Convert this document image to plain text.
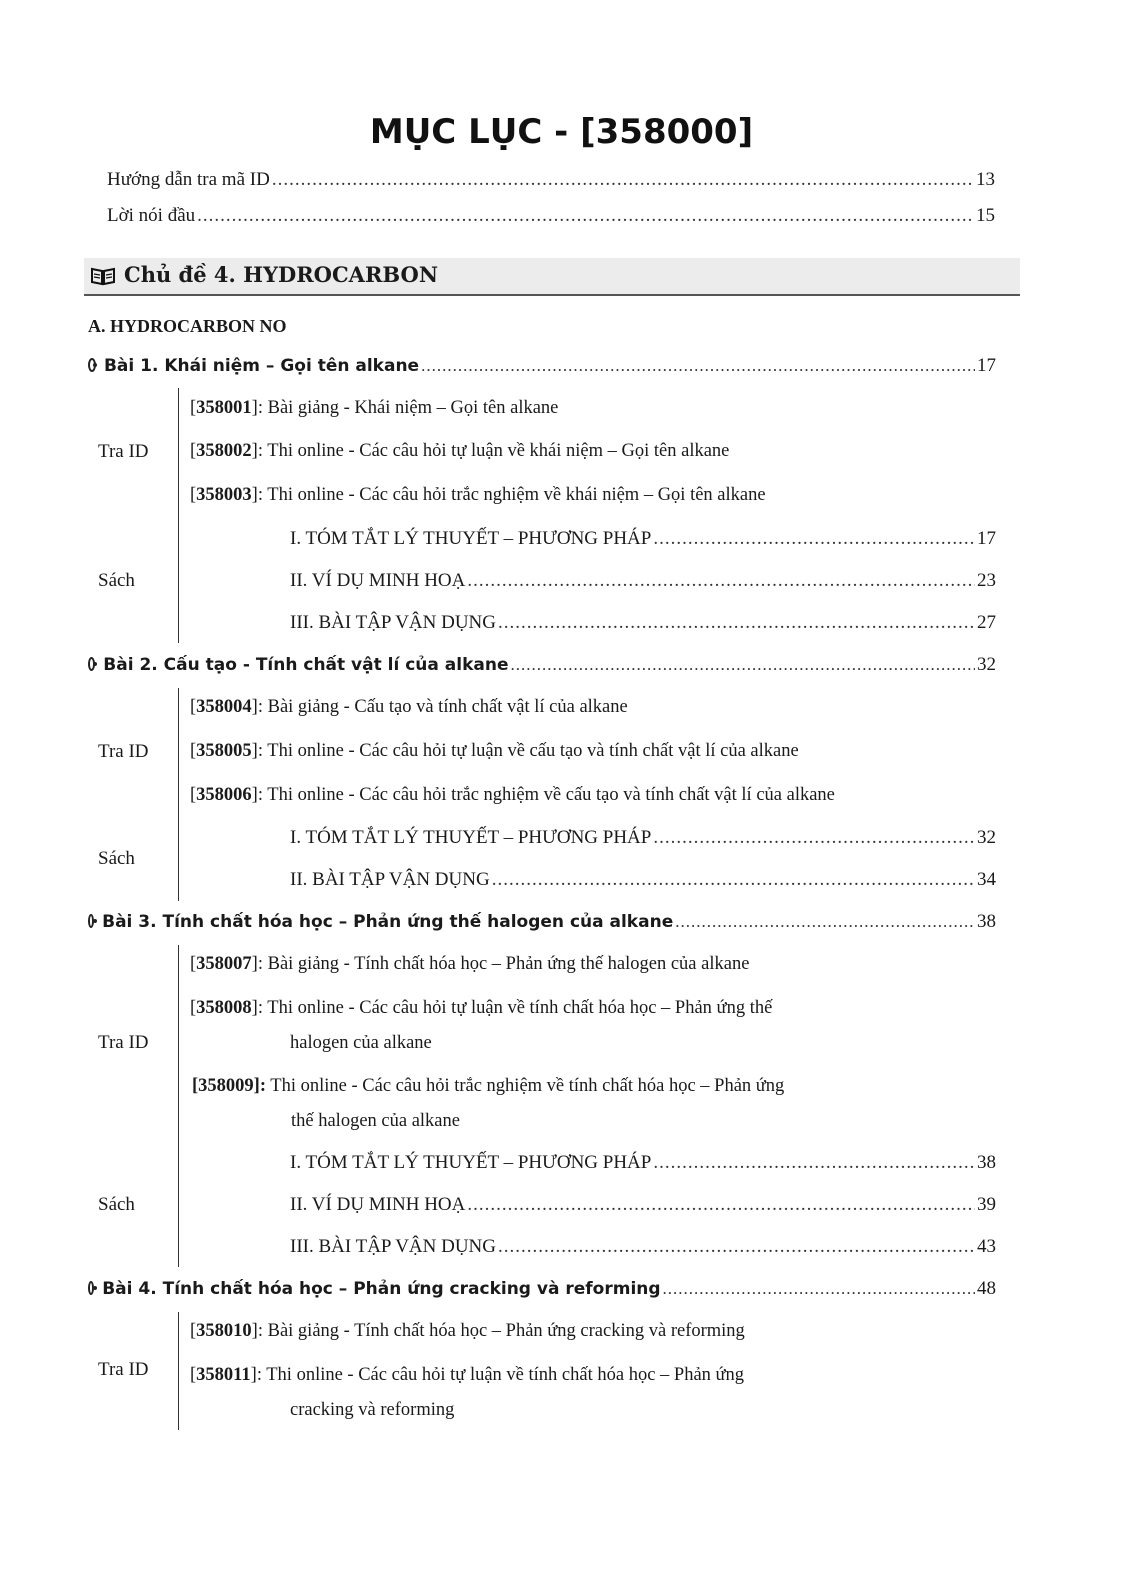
MỤC LỤC - [358000]
Hướng dẫn tra mã ID .....	13
Lời nói đầu .....	15
Chủ đề 4. HYDROCARBON
A. HYDROCARBON NO
Bài 1. Khái niệm – Gọi tên alkane .....	17
Tra ID
[358001]: Bài giảng - Khái niệm – Gọi tên alkane
[358002]: Thi online - Các câu hỏi tự luận về khái niệm – Gọi tên alkane
[358003]: Thi online - Các câu hỏi trắc nghiệm về khái niệm – Gọi tên alkane
Sách
I. TÓM TẮT LÝ THUYẾT – PHƯƠNG PHÁP .....	17
II. VÍ DỤ MINH HOẠ .....	23
III. BÀI TẬP VẬN DỤNG .....	27
Bài 2. Cấu tạo - Tính chất vật lí của alkane .....	32
Tra ID
[358004]: Bài giảng - Cấu tạo và tính chất vật lí của alkane
[358005]: Thi online - Các câu hỏi tự luận về cấu tạo và tính chất vật lí của alkane
[358006]: Thi online - Các câu hỏi trắc nghiệm về cấu tạo và tính chất vật lí của alkane
Sách
I. TÓM TẮT LÝ THUYẾT – PHƯƠNG PHÁP .....	32
II. BÀI TẬP VẬN DỤNG .....	34
Bài 3. Tính chất hóa học – Phản ứng thế halogen của alkane .....	38
Tra ID
[358007]: Bài giảng - Tính chất hóa học – Phản ứng thế halogen của alkane
[358008]: Thi online - Các câu hỏi tự luận về tính chất hóa học – Phản ứng thế
halogen của alkane
[358009]: Thi online - Các câu hỏi trắc nghiệm về tính chất hóa học – Phản ứng
thế halogen của alkane
Sách
I. TÓM TẮT LÝ THUYẾT – PHƯƠNG PHÁP .....	38
II. VÍ DỤ MINH HOẠ .....	39
III. BÀI TẬP VẬN DỤNG .....	43
Bài 4. Tính chất hóa học – Phản ứng cracking và reforming .....	48
Tra ID
[358010]: Bài giảng - Tính chất hóa học – Phản ứng cracking và reforming
[358011]: Thi online - Các câu hỏi tự luận về tính chất hóa học – Phản ứng
cracking và reforming
